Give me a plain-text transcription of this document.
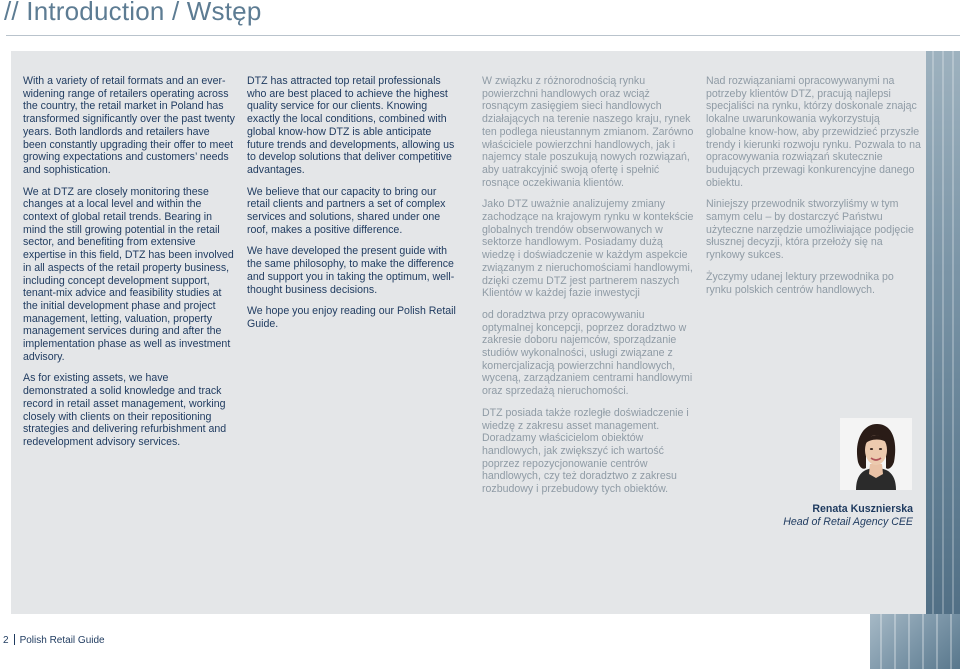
// Introduction / Wstęp

With a variety of retail formats and an ever-widening range of retailers operating across the country, the retail market in Poland has transformed significantly over the past twenty years. Both landlords and retailers have been constantly upgrading their offer to meet growing expectations and customers’ needs and sophistication.

We at DTZ are closely monitoring these changes at a local level and within the context of global retail trends. Bearing in mind the still growing potential in the retail sector, and benefiting from extensive expertise in this field, DTZ has been involved in all aspects of the retail property business, including concept development support, tenant-mix advice and feasibility studies at the initial development phase and project management, letting, valuation, property management services during and after the implementation phase as well as investment advisory.

As for existing assets, we have demonstrated a solid knowledge and track record in retail asset management, working closely with clients on their repositioning strategies and delivering refurbishment and redevelopment advisory services.

DTZ has attracted top retail professionals who are best placed to achieve the highest quality service for our clients. Knowing exactly the local conditions, combined with global know-how DTZ is able anticipate future trends and developments, allowing us to develop solutions that deliver competitive advantages.

We believe that our capacity to bring our retail clients and partners a set of complex services and solutions, shared under one roof, makes a positive difference.

We have developed the present guide with the same philosophy, to make the difference and support you in taking the optimum, well-thought business decisions.

We hope you enjoy reading our Polish Retail Guide.

W związku z różnorodnością rynku powierzchni handlowych oraz wciąż rosnącym zasięgiem sieci handlowych działających na terenie naszego kraju, rynek ten podlega nieustannym zmianom. Zarówno właściciele powierzchni handlowych, jak i najemcy stale poszukują nowych rozwiązań, aby uatrakcyjnić swoją ofertę i spełnić rosnące oczekiwania klientów.

Jako DTZ uważnie analizujemy zmiany zachodzące na krajowym rynku w kontekście globalnych trendów obserwowanych w sektorze handlowym. Posiadamy dużą wiedzę i doświadczenie w każdym aspekcie związanym z nieruchomościami handlowymi, dzięki czemu DTZ jest partnerem naszych Klientów w każdej fazie inwestycji

od doradztwa przy opracowywaniu optymalnej koncepcji, poprzez doradztwo w zakresie doboru najemców, sporządzanie studiów wykonalności, usługi związane z komercjalizacją powierzchni handlowych, wyceną, zarządzaniem centrami handlowymi oraz sprzedażą nieruchomości.

DTZ posiada także rozległe doświadczenie i wiedzę z zakresu asset management. Doradzamy właścicielom obiektów handlowych, jak zwiększyć ich wartość poprzez repozycjonowanie centrów handlowych, czy też doradztwo z zakresu rozbudowy i przebudowy tych obiektów.

Nad rozwiązaniami opracowywanymi na potrzeby klientów DTZ, pracują najlepsi specjaliści na rynku, którzy doskonale znając lokalne uwarunkowania wykorzystują globalne know-how, aby przewidzieć przyszłe trendy i kierunki rozwoju rynku. Pozwala to na opracowywania rozwiązań skutecznie budujących przewagi konkurencyjne danego obiektu.

Niniejszy przewodnik stworzyliśmy w tym samym celu – by dostarczyć Państwu użyteczne narzędzie umożliwiające podjęcie słusznej decyzji, która przełoży się na rynkowy sukces.

Życzymy udanej lektury przewodnika po rynku polskich centrów handlowych.

Renata Kusznierska
Head of Retail Agency CEE
2 Polish Retail Guide
